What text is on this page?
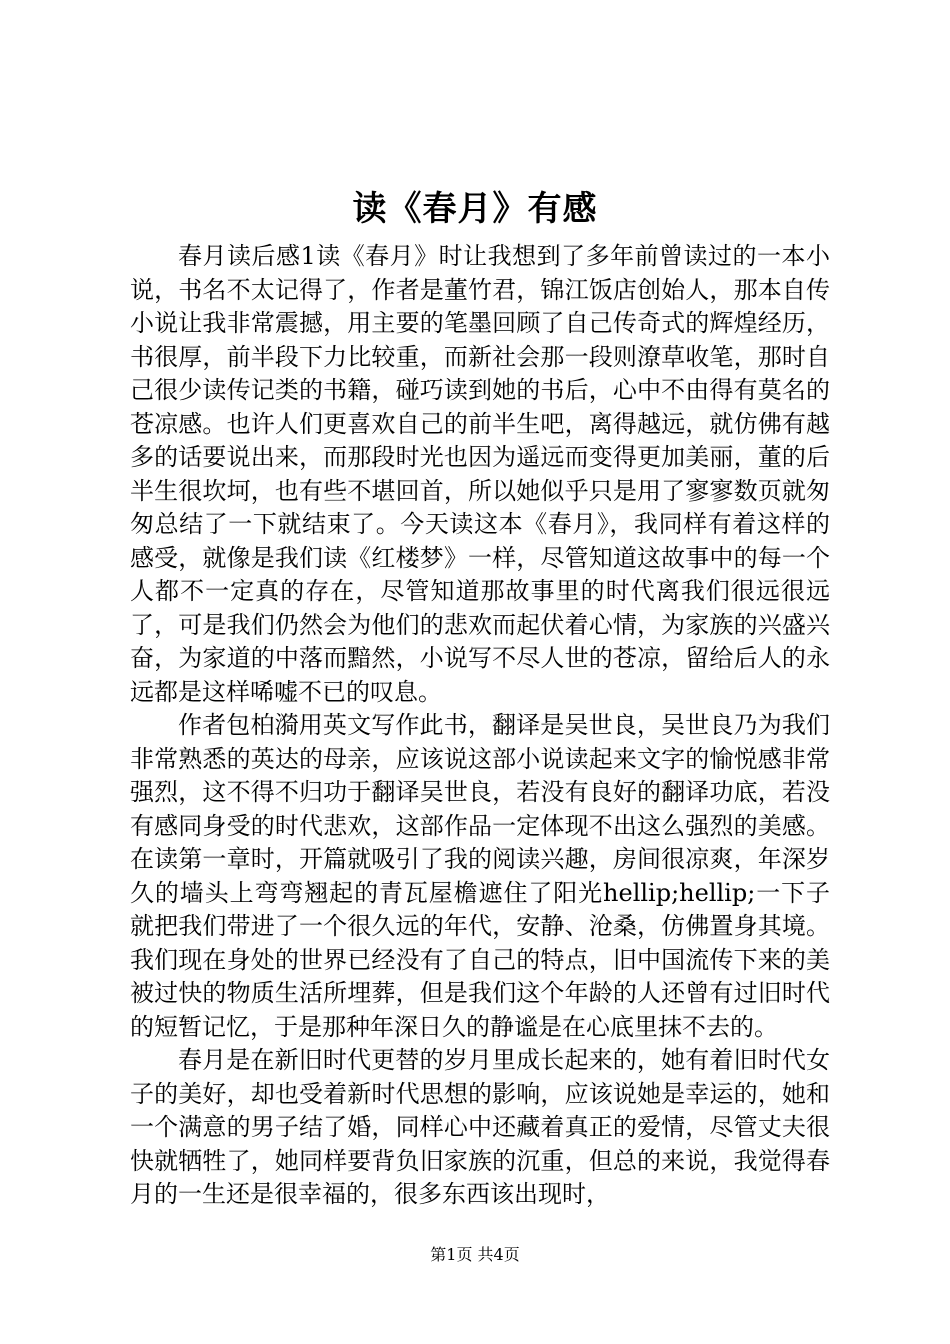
读《春月》有感

春月读后感1读《春月》时让我想到了多年前曾读过的一本小说，书名不太记得了，作者是董竹君，锦江饭店创始人，那本自传小说让我非常震撼，用主要的笔墨回顾了自己传奇式的辉煌经历，书很厚，前半段下力比较重，而新社会那一段则潦草收笔，那时自己很少读传记类的书籍，碰巧读到她的书后，心中不由得有莫名的苍凉感。也许人们更喜欢自己的前半生吧，离得越远，就仿佛有越多的话要说出来，而那段时光也因为遥远而变得更加美丽，董的后半生很坎坷，也有些不堪回首，所以她似乎只是用了寥寥数页就匆匆总结了一下就结束了。今天读这本《春月》，我同样有着这样的感受，就像是我们读《红楼梦》一样，尽管知道这故事中的每一个人都不一定真的存在，尽管知道那故事里的时代离我们很远很远了，可是我们仍然会为他们的悲欢而起伏着心情，为家族的兴盛兴奋，为家道的中落而黯然，小说写不尽人世的苍凉，留给后人的永远都是这样唏嘘不已的叹息。

作者包柏漪用英文写作此书，翻译是吴世良，吴世良乃为我们非常熟悉的英达的母亲，应该说这部小说读起来文字的愉悦感非常强烈，这不得不归功于翻译吴世良，若没有良好的翻译功底，若没有感同身受的时代悲欢，这部作品一定体现不出这么强烈的美感。在读第一章时，开篇就吸引了我的阅读兴趣，房间很凉爽，年深岁久的墙头上弯弯翘起的青瓦屋檐遮住了阳光hellip;hellip;一下子就把我们带进了一个很久远的年代，安静、沧桑，仿佛置身其境。我们现在身处的世界已经没有了自己的特点，旧中国流传下来的美被过快的物质生活所埋葬，但是我们这个年龄的人还曾有过旧时代的短暂记忆，于是那种年深日久的静谧是在心底里抹不去的。

春月是在新旧时代更替的岁月里成长起来的，她有着旧时代女子的美好，却也受着新时代思想的影响，应该说她是幸运的，她和一个满意的男子结了婚，同样心中还藏着真正的爱情，尽管丈夫很快就牺牲了，她同样要背负旧家族的沉重，但总的来说，我觉得春月的一生还是很幸福的，很多东西该出现时，

第1页 共4页
